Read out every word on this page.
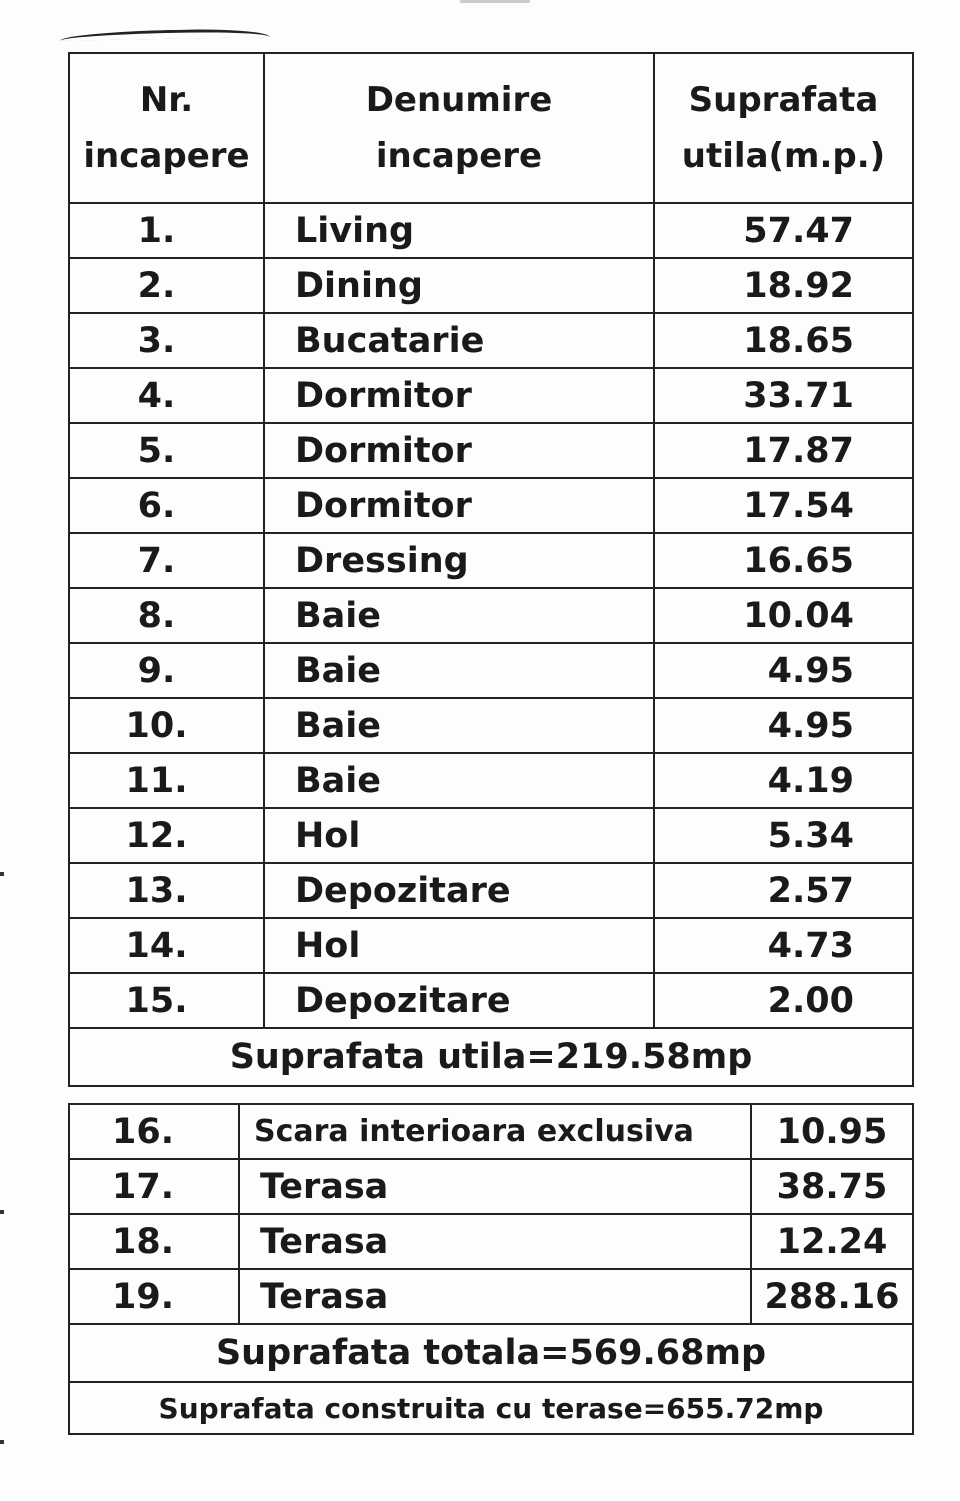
Nr. incapere	Denumire incapere	Suprafata utila(m.p.)
1.	Living	57.47
2.	Dining	18.92
3.	Bucatarie	18.65
4.	Dormitor	33.71
5.	Dormitor	17.87
6.	Dormitor	17.54
7.	Dressing	16.65
8.	Baie	10.04
9.	Baie	4.95
10.	Baie	4.95
11.	Baie	4.19
12.	Hol	5.34
13.	Depozitare	2.57
14.	Hol	4.73
15.	Depozitare	2.00
Suprafata utila=219.58mp		
16.	Scara interioara exclusiva	10.95
17.	Terasa	38.75
18.	Terasa	12.24
19.	Terasa	288.16
Suprafata totala=569.68mp		
Suprafata construita cu terase=655.72mp		
